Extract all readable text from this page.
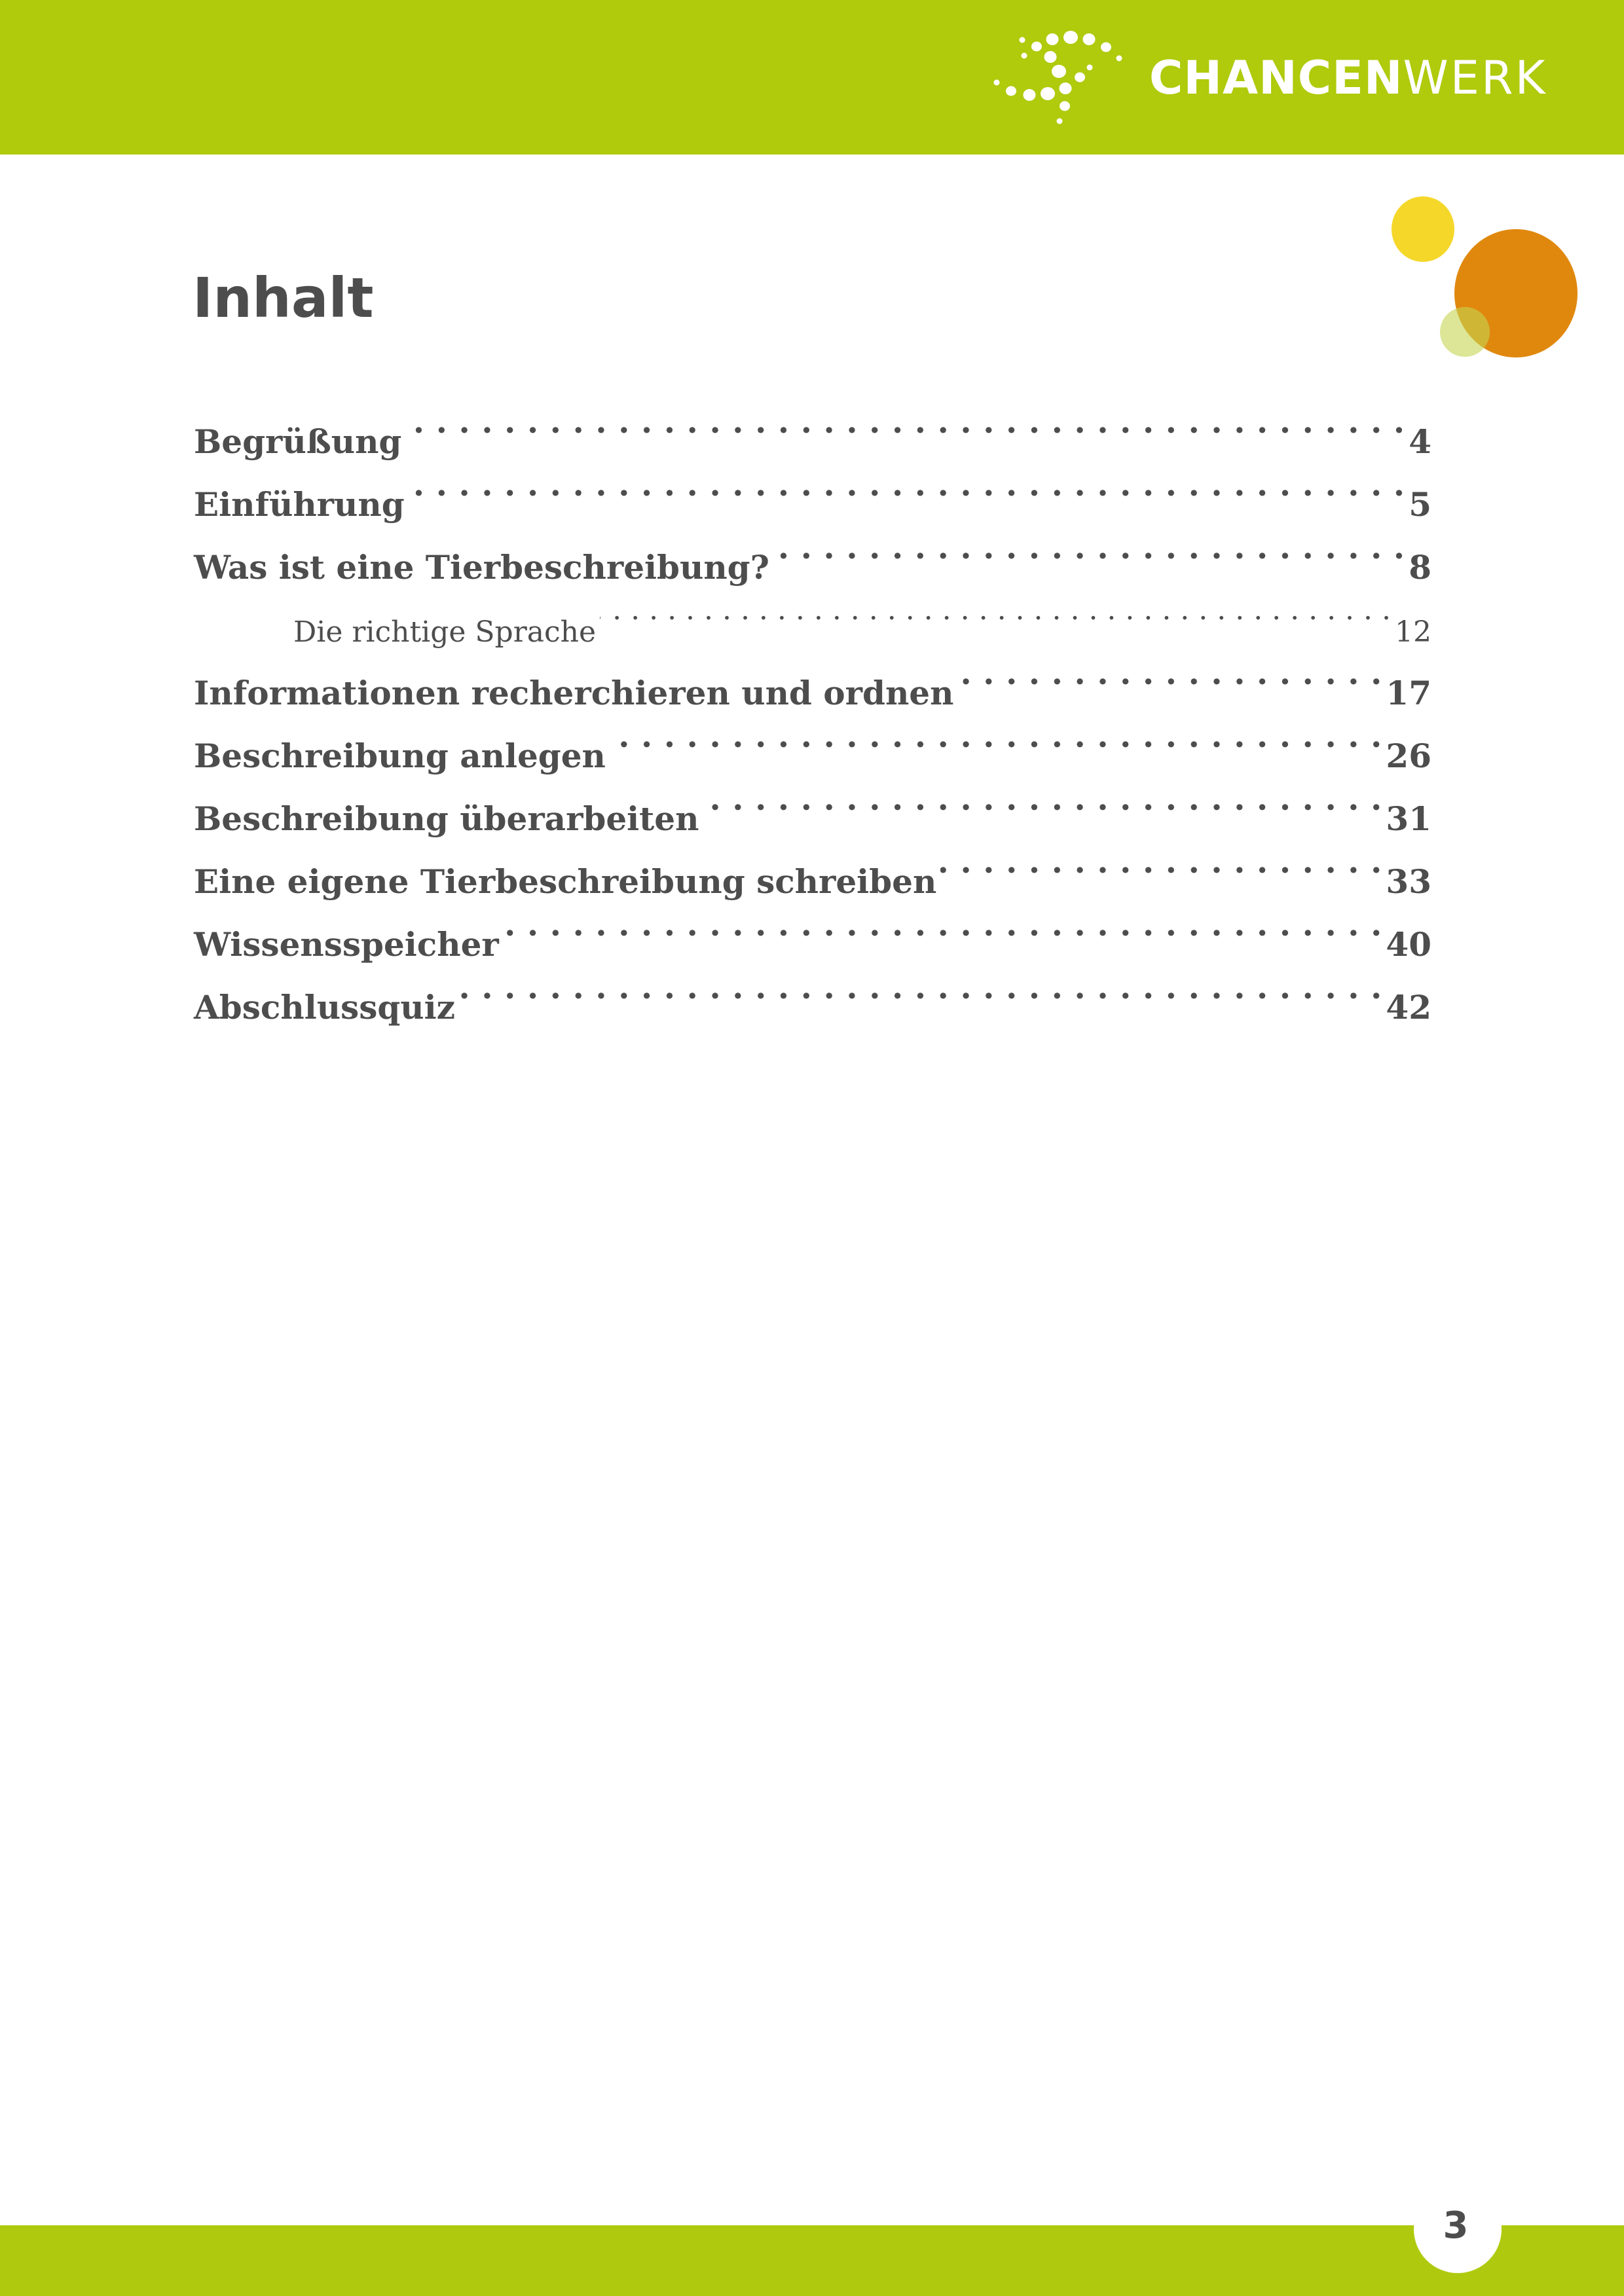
CHANCENWERK
Inhalt
Begrüßung . . .	4
Einführung . . .	5
Was ist eine Tierbeschreibung? . . .	8
Die richtige Sprache . . .	12
Informationen recherchieren und ordnen . . .	17
Beschreibung anlegen . . .	26
Beschreibung überarbeiten . . .	31
Eine eigene Tierbeschreibung schreiben . . .	33
Wissensspeicher . . .	40
Abschlussquiz . . .	42
3
